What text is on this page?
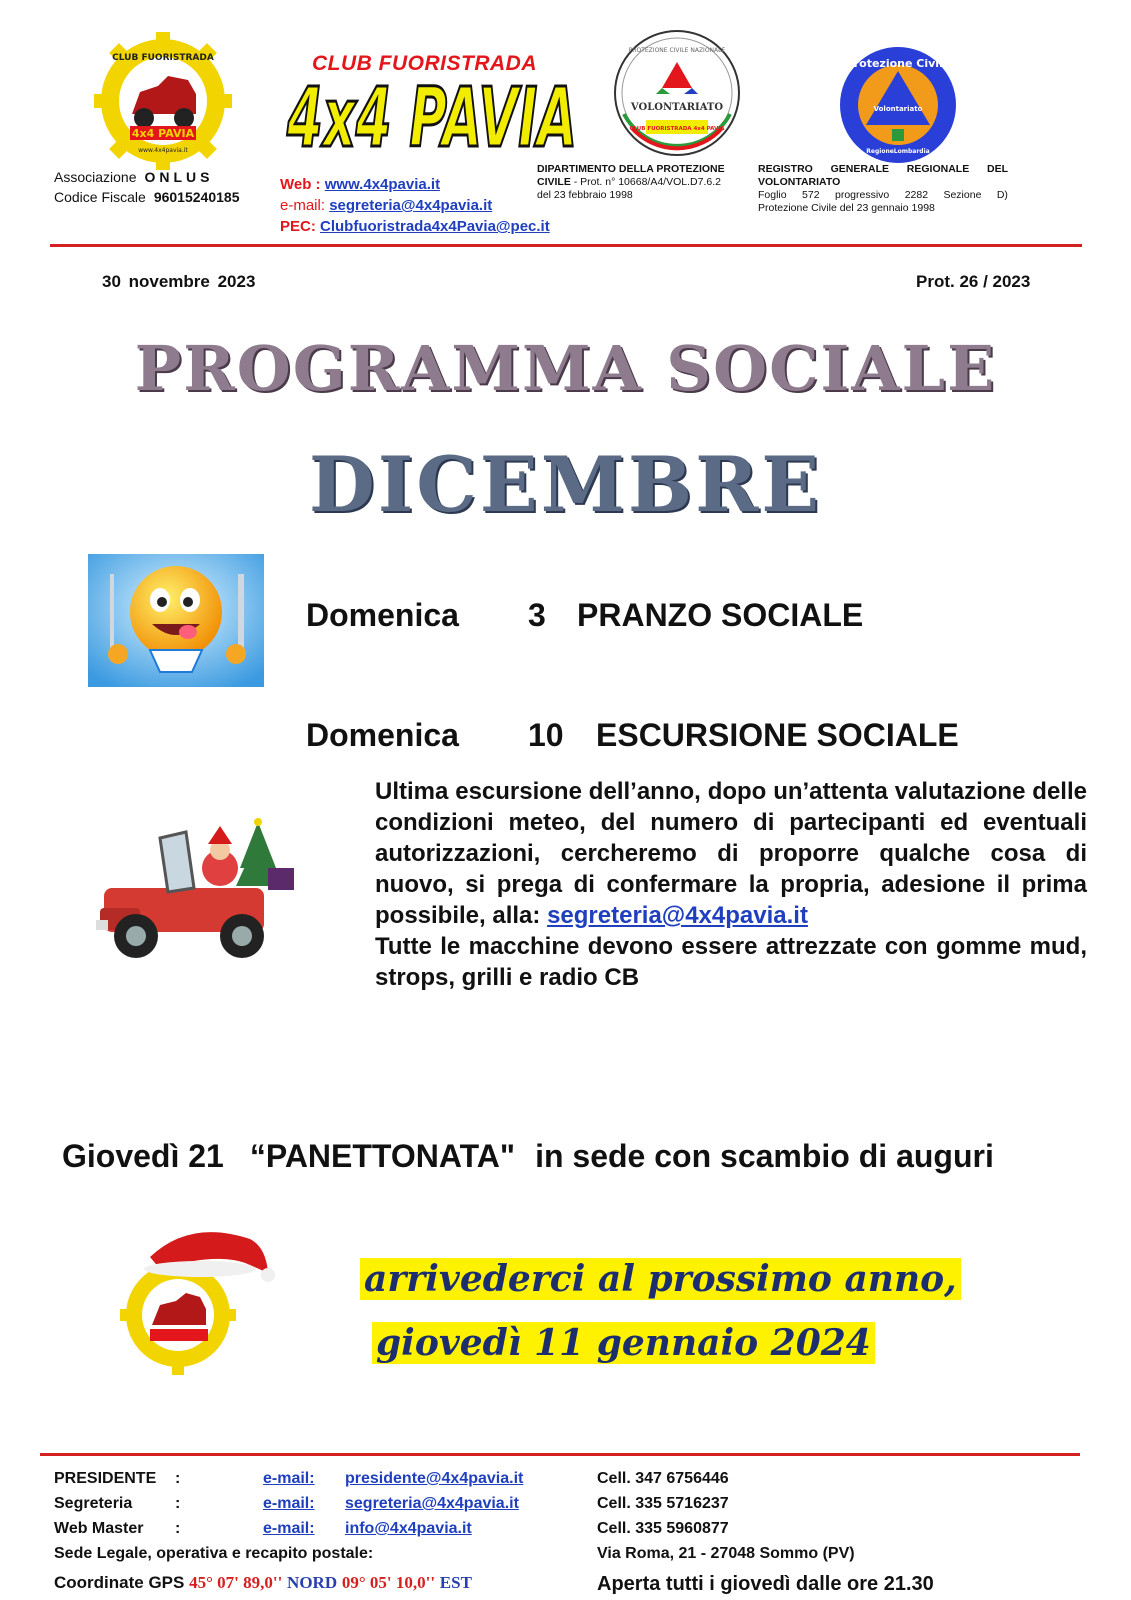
4x4 PAVIA
CLUB FUORISTRADA
www.4x4pavia.it
CLUB FUORISTRADA
4x4 PAVIA
PROTEZIONE CIVILE NAZIONALE
VOLONTARIATO
CLUB FUORISTRADA 4x4 PAVIA
Protezione Civile
Volontariato
RegioneLombardia
Associazione ONLUS
Codice Fiscale 96015240185
Web : www.4x4pavia.it
e-mail: segreteria@4x4pavia.it
PEC: Clubfuoristrada4x4Pavia@pec.it
DIPARTIMENTO DELLA PROTEZIONE
CIVILE - Prot. n° 10668/A4/VOL.D7.6.2
del 23 febbraio 1998
REGISTRO GENERALE REGIONALE DEL
VOLONTARIATO
Foglio 572 progressivo 2282 Sezione D)
Protezione Civile del 23 gennaio 1998
30 novembre 2023	Prot. 26 / 2023
PROGRAMMA SOCIALE
DICEMBRE
Domenica 3 PRANZO SOCIALE
Domenica 10 ESCURSIONE SOCIALE
Ultima escursione dell’anno, dopo un’attenta valutazione delle condizioni meteo, del numero di partecipanti ed eventuali autorizzazioni, cercheremo di proporre qualche cosa di nuovo, si prega di confermare la propria, adesione il prima possibile, alla: segreteria@4x4pavia.it
Tutte le macchine devono essere attrezzate con gomme mud, strops, grilli e radio CB
Giovedì 21 “PANETTONATA" in sede con scambio di auguri
arrivederci al prossimo anno,
giovedì 11 gennaio 2024
PRESIDENTE :	e-mail: presidente@4x4pavia.it	Cell. 347 6756446
Segreteria	:	e-mail: segreteria@4x4pavia.it	Cell. 335 5716237
Web Master :	e-mail: info@4x4pavia.it	Cell. 335 5960877
Sede Legale, operativa e recapito postale:	Via Roma, 21 - 27048 Sommo (PV)
Coordinate GPS 45° 07' 89,0'' NORD 09° 05' 10,0'' EST	Aperta tutti i giovedì dalle ore 21.30
